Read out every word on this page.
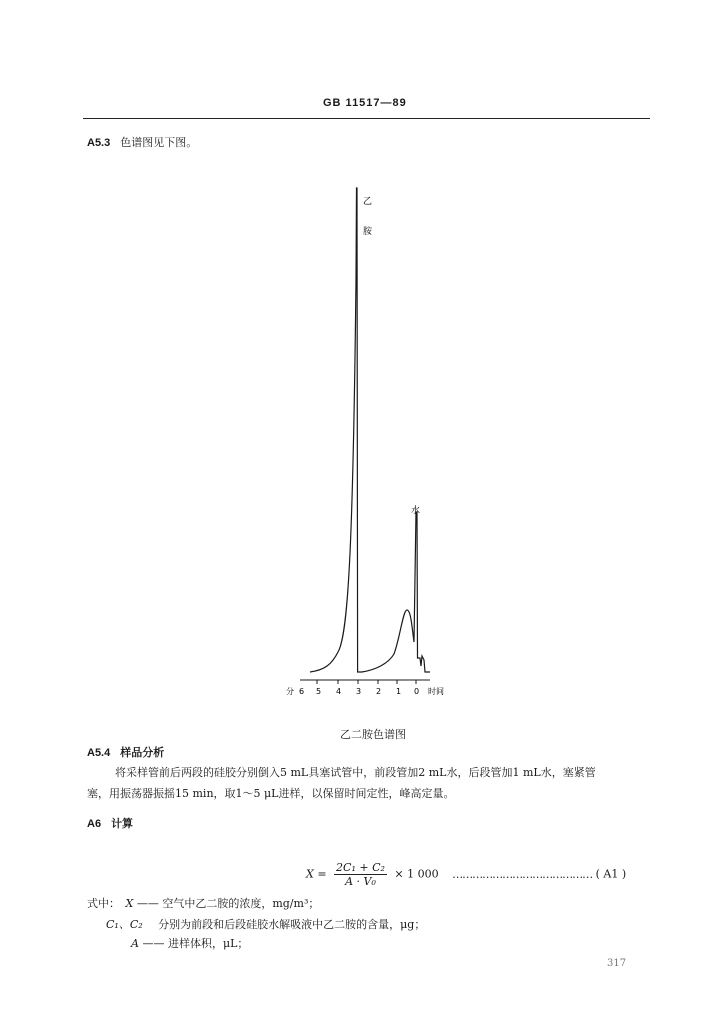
GB 11517—89
A5.3 色谱图见下图。
分 6 5 4 3 2 1 0 时间
乙
胺
水
乙二胺色谱图
A5.4 样品分析
将采样管前后两段的硅胶分别倒入5 mL具塞试管中，前段管加2 mL水，后段管加1 mL水，塞紧管
塞，用振荡器振摇15 min，取1～5 μL进样，以保留时间定性，峰高定量。
A6 计算
$X = \frac{\text{2C₁ + C₂}}{\text{A · V₀}} \times 1$ 000 …………………………………… ( A1 )
式中： X —— 空气中乙二胺的浓度，mg/m³；
C₁、C₂ 分别为前段和后段硅胶水解吸液中乙二胺的含量，μg；
A —— 进样体积，μL；
317
